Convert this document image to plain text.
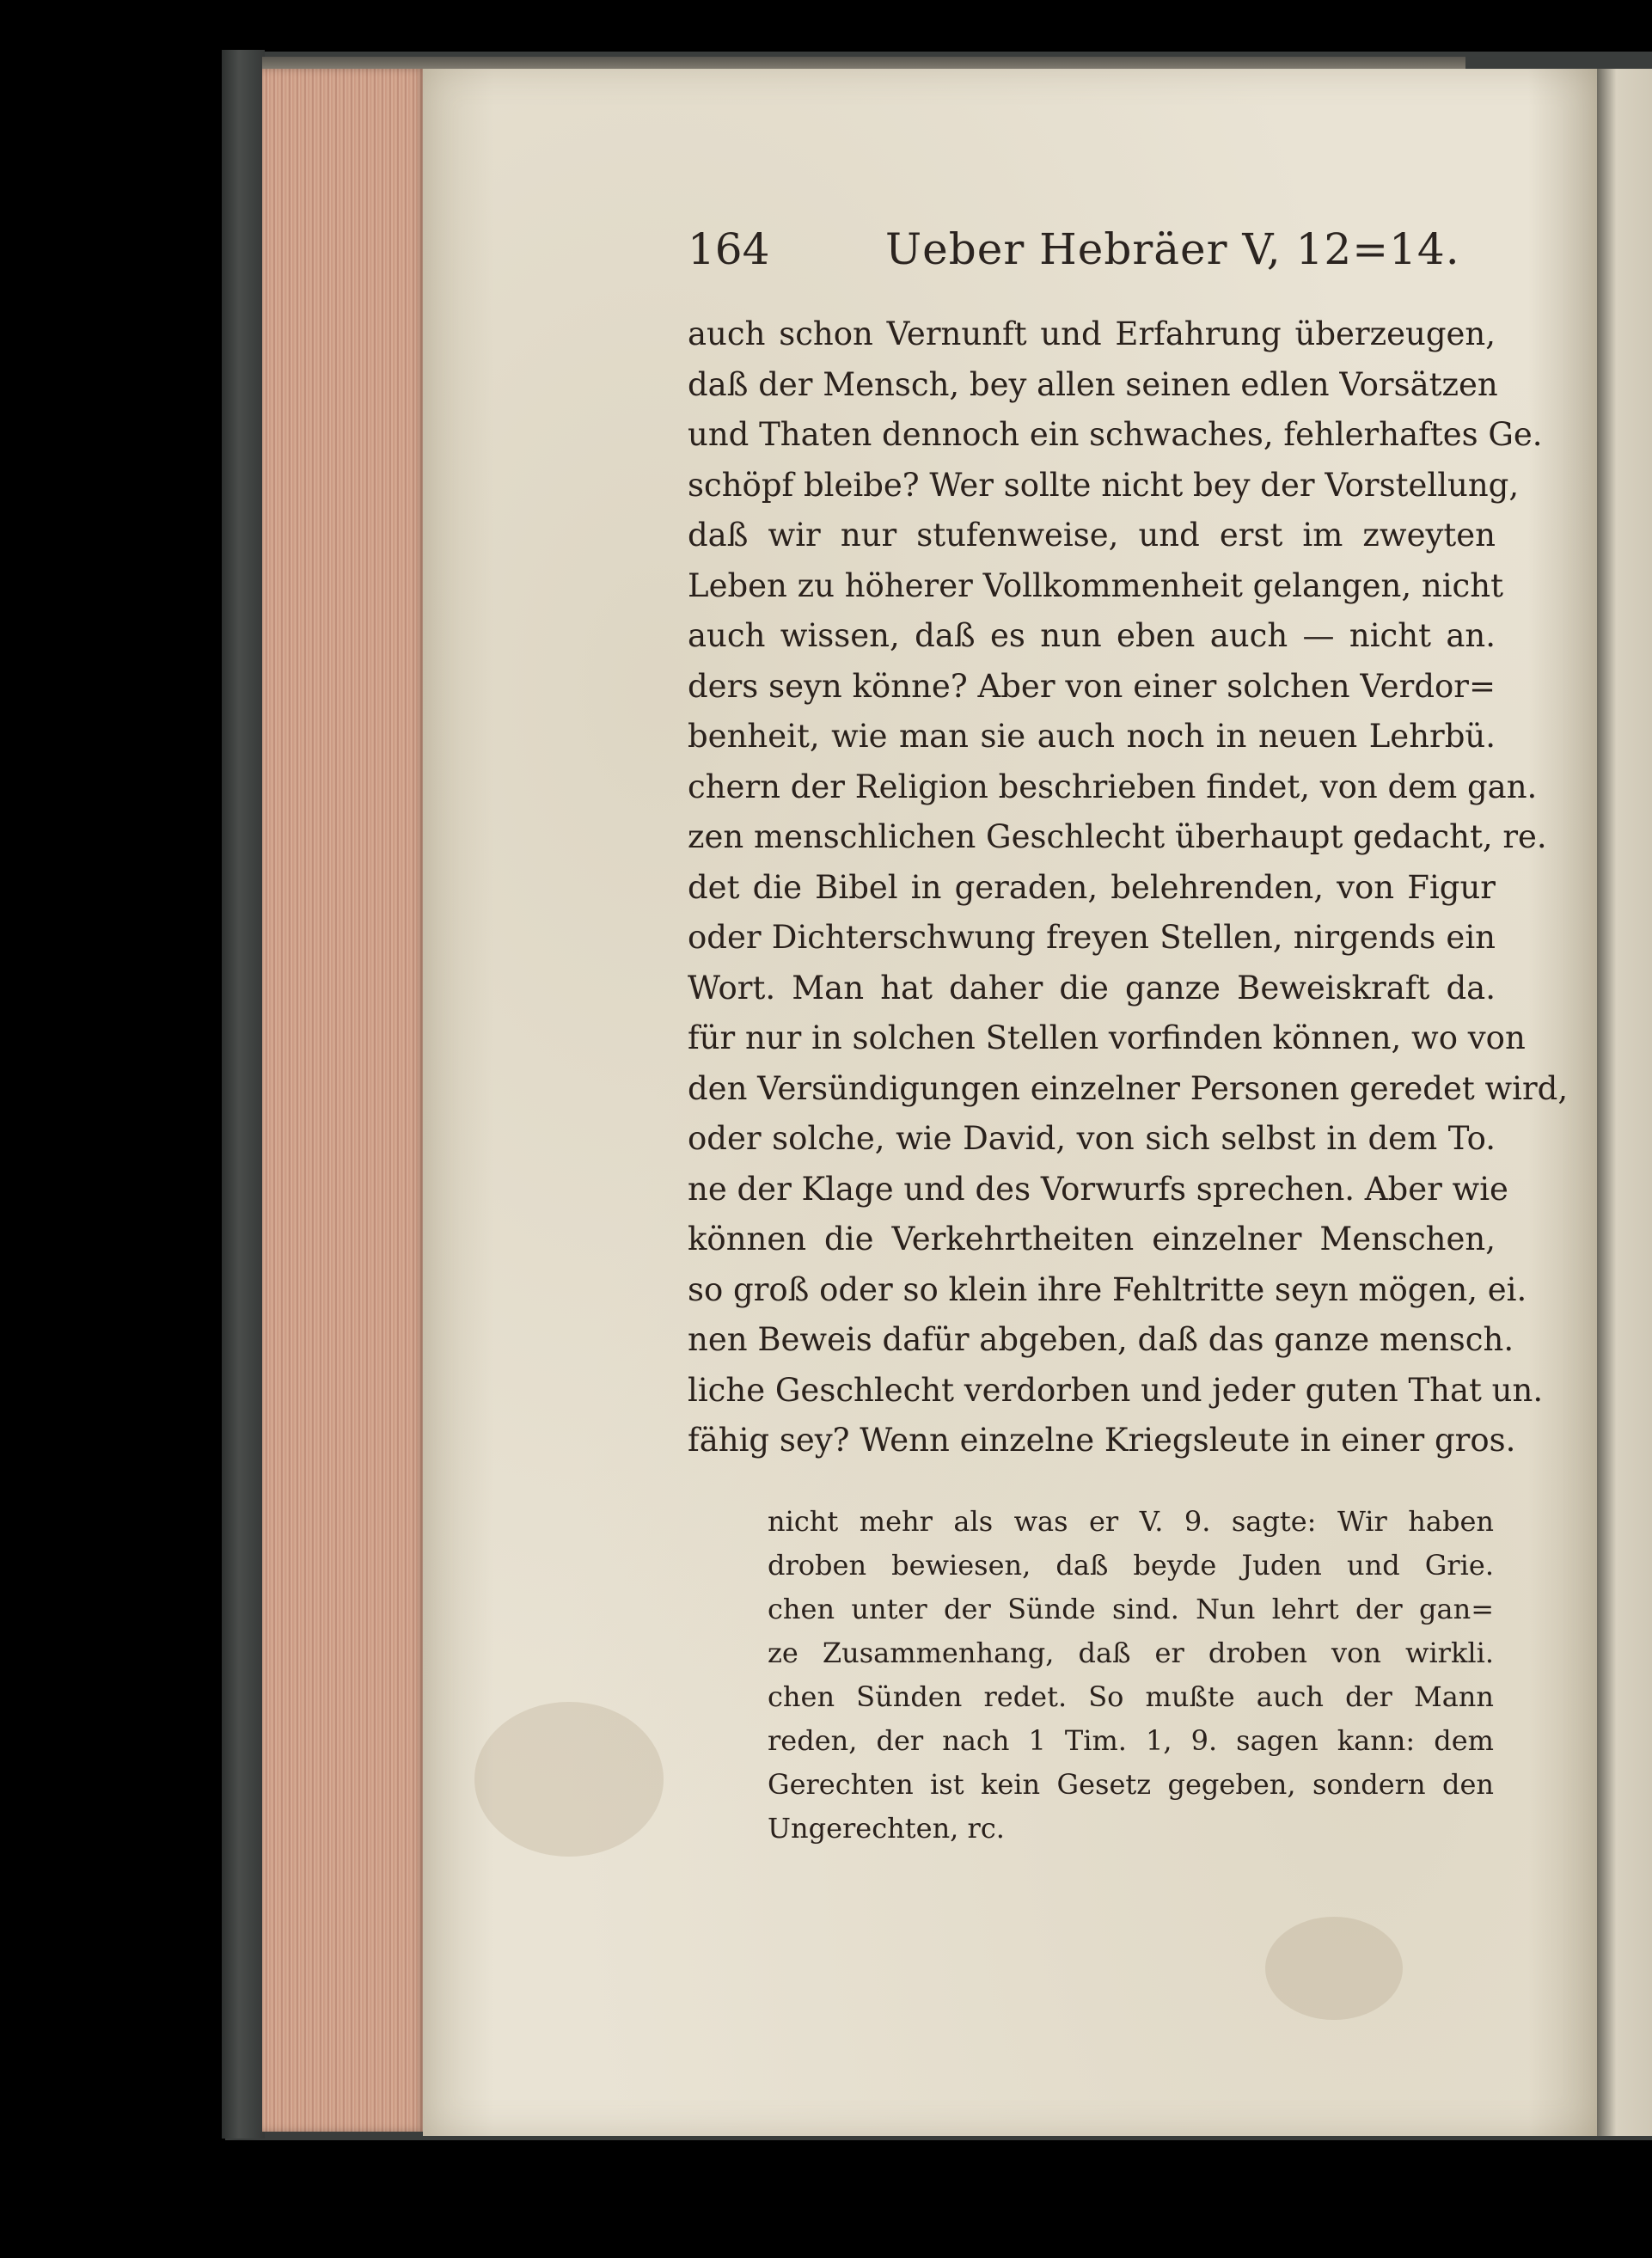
164	Ueber Hebräer V, 12=14.
auch schon Vernunft und Erfahrung überzeugen,
daß der Mensch, bey allen seinen edlen Vorsätzen
und Thaten dennoch ein schwaches, fehlerhaftes Ge.
schöpf bleibe? Wer sollte nicht bey der Vorstellung,
daß wir nur stufenweise, und erst im zweyten
Leben zu höherer Vollkommenheit gelangen, nicht
auch wissen, daß es nun eben auch — nicht an.
ders seyn könne? Aber von einer solchen Verdor=
benheit, wie man sie auch noch in neuen Lehrbü.
chern der Religion beschrieben findet, von dem gan.
zen menschlichen Geschlecht überhaupt gedacht, re.
det die Bibel in geraden, belehrenden, von Figur
oder Dichterschwung freyen Stellen, nirgends ein
Wort. Man hat daher die ganze Beweiskraft da.
für nur in solchen Stellen vorfinden können, wo von
den Versündigungen einzelner Personen geredet wird,
oder solche, wie David, von sich selbst in dem To.
ne der Klage und des Vorwurfs sprechen. Aber wie
können die Verkehrtheiten einzelner Menschen,
so groß oder so klein ihre Fehltritte seyn mögen, ei.
nen Beweis dafür abgeben, daß das ganze mensch.
liche Geschlecht verdorben und jeder guten That un.
fähig sey? Wenn einzelne Kriegsleute in einer gros.
nicht mehr als was er V. 9. sagte: Wir haben
droben bewiesen, daß beyde Juden und Grie.
chen unter der Sünde sind. Nun lehrt der gan=
ze Zusammenhang, daß er droben von wirkli.
chen Sünden redet. So mußte auch der Mann
reden, der nach 1 Tim. 1, 9. sagen kann: dem
Gerechten ist kein Gesetz gegeben, sondern den
Ungerechten, rc.
